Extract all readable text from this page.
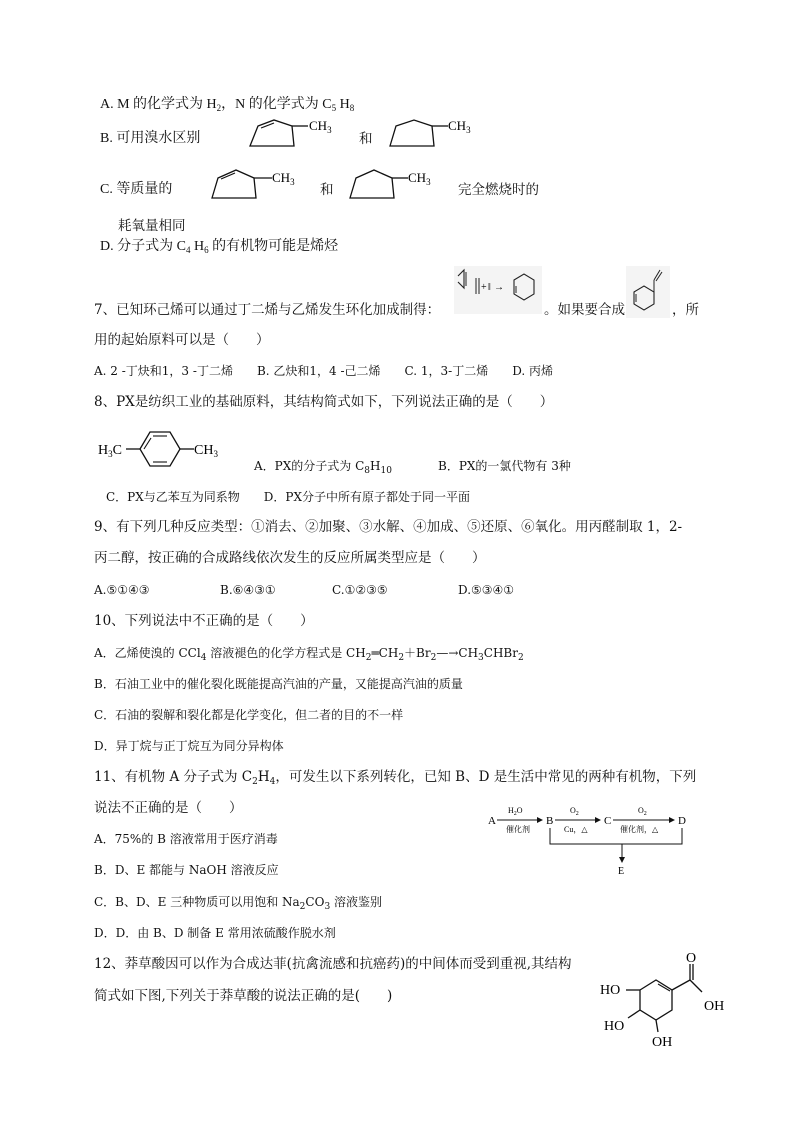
A. M 的化学式为 $H_2$，N 的化学式为 $C_5$ $H_8$
B. 可用溴水区别
$CH_3$
和
$CH_3$
C. 等质量的
$CH_3$ 和
$CH_3$ 完全燃烧时的
耗氧量相同
D. 分子式为 $C_4$ $H_6$ 的有机物可能是烯烃
7、已知环己烯可以通过丁二烯与乙烯发生环化加成制得：
+ ‖ →
。如果要合成	，所
用的起始原料可以是（　　）
A. 2 -丁炔和1，3 -丁二烯　　B. 乙炔和1，4 -己二烯　　C. 1，3-丁二烯　　D. 丙烯
8、PX是纺织工业的基础原料，其结构简式如下，下列说法正确的是（　　）
$H_3C$	$CH_3$
A．PX的分子式为 $C_8H_{10}$	B．PX的一氯代物有 3种
C．PX与乙苯互为同系物　　D．PX分子中所有原子都处于同一平面
9、有下列几种反应类型：①消去、②加聚、③水解、④加成、⑤还原、⑥氧化。用丙醛制取 1，2-
丙二醇，按正确的合成路线依次发生的反应所属类型应是（　　）
A.⑤①④③	B.⑥④③①	C.①②③⑤	D.⑤③④①
10、下列说法中不正确的是（　　）
A．乙烯使溴的 CCl$_4$ 溶液褪色的化学方程式是 $CH_2═CH_2+Br_2—\to CH_3CHBr_2$
B．石油工业中的催化裂化既能提高汽油的产量，又能提高汽油的质量
C．石油的裂解和裂化都是化学变化，但二者的目的不一样
D．异丁烷与正丁烷互为同分异构体
11、有机物 A 分子式为 $C_2H_4$，可发生以下系列转化，已知 B、D 是生活中常见的两种有机物，下列
说法不正确的是（　　）
A．75%的 B 溶液常用于医疗消毒
B．D、E 都能与 NaOH 溶液反应
C．B、D、E 三种物质可以用饱和 $Na_2CO_3$ 溶液鉴别
D．D．由 B、D 制备 E 常用浓硫酸作脱水剂
A
$H_2O$
催化剂
B
$O_2$
Cu，△
C
$O_2$
催化剂，△
D
E
12、莽草酸因可以作为合成达菲(抗禽流感和抗癌药)的中间体而受到重视,其结构
简式如下图,下列关于莽草酸的说法正确的是(　　)
O
OH
HO
HO
OH
